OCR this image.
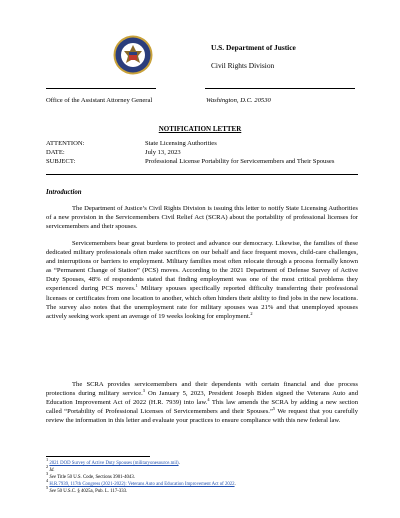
U.S. Department of Justice
Civil Rights Division
Office of the Assistant Attorney General	Washington, D.C. 20530
NOTIFICATION LETTER
ATTENTION:	State Licensing Authorities
DATE:	July 13, 2023
SUBJECT:	Professional License Portability for Servicemembers and Their Spouses
Introduction

The Department of Justice’s Civil Rights Division is issuing this letter to notify State Licensing Authorities of a new provision in the Servicemembers Civil Relief Act (SCRA) about the portability of professional licenses for servicemembers and their spouses.

Servicemembers bear great burdens to protect and advance our democracy. Likewise, the families of these dedicated military professionals often make sacrifices on our behalf and face frequent moves, child-care challenges, and interruptions or barriers to employment. Military families most often relocate through a process formally known as “Permanent Change of Station” (PCS) moves. According to the 2021 Department of Defense Survey of Active Duty Spouses, 48% of respondents stated that finding employment was one of the most critical problems they experienced during PCS moves.$^1$ Military spouses specifically reported difficulty transferring their professional licenses or certificates from one location to another, which often hinders their ability to find jobs in the new locations. The survey also notes that the unemployment rate for military spouses was 21% and that unemployed spouses actively seeking work spent an average of 19 weeks looking for employment.$^2$

The SCRA provides servicemembers and their dependents with certain financial and due process protections during military service.$^3$ On January 5, 2023, President Joseph Biden signed the Veterans Auto and Education Improvement Act of 2022 (H.R. 7939) into law.$^4$ This law amends the SCRA by adding a new section called “Portability of Professional Licenses of Servicemembers and their Spouses.”$^5$ We request that you carefully review the information in this letter and evaluate your practices to ensure compliance with this new federal law.

$^1$ 2021 DOD Survey of Active Duty Spouses (militaryonesource.mil).
$^2$ Id.
$^3$ See Title 50 U.S. Code, Sections 3901-4043.
$^4$ H.R.7939, 117th Congress (2021-2022): Veterans Auto and Education Improvement Act of 2022.
$^5$ See 50 U.S.C. § 4025a, Pub. L. 117-333.
